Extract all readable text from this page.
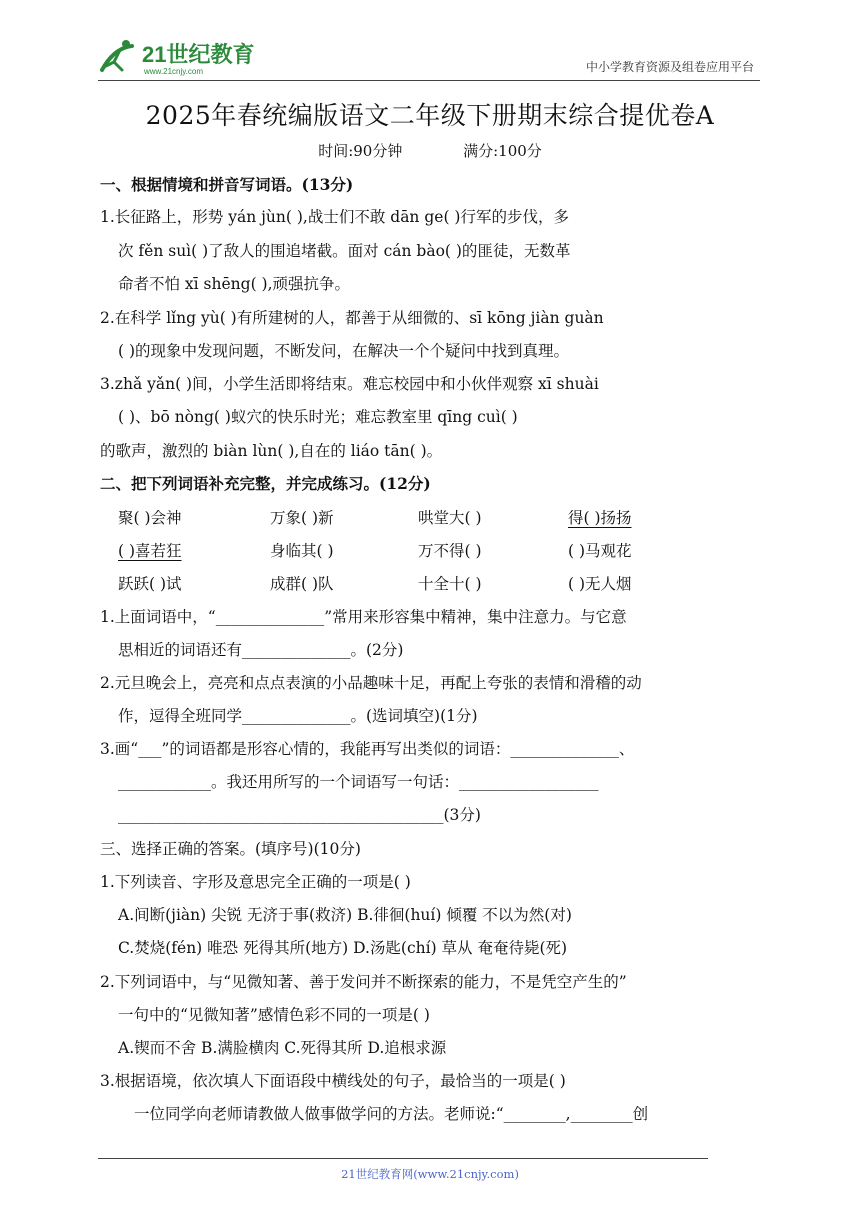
21世纪教育
www.21cnjy.com	中小学教育资源及组卷应用平台
2025年春统编版语文二年级下册期末综合提优卷A
时间:90分钟	满分:100分
一、根据情境和拼音写词语。(13分)
1.长征路上，形势 yán jùn( ),战士们不敢 dān ge( )行军的步伐，多
次 fěn suì( )了敌人的围追堵截。面对 cán bào( )的匪徒，无数革
命者不怕 xī shēng( ),顽强抗争。
2.在科学 lǐng yù( )有所建树的人，都善于从细微的、sī kōng jiàn guàn
( )的现象中发现问题，不断发问，在解决一个个疑问中找到真理。
3.zhǎ yǎn( )间，小学生活即将结束。难忘校园中和小伙伴观察 xī shuài
( )、bō nòng( )蚁穴的快乐时光；难忘教室里 qīng cuì( )
的歌声，激烈的 biàn lùn( ),自在的 liáo tān( )。
二、把下列词语补充完整，并完成练习。(12分)
聚( )会神	万象( )新	哄堂大( )	得( )扬扬
( )喜若狂	身临其( )	万不得( )	( )马观花
跃跃( )试	成群( )队	十全十( )	( )无人烟
1.上面词语中，“______________”常用来形容集中精神，集中注意力。与它意
思相近的词语还有______________。(2分)
2.元旦晚会上，亮亮和点点表演的小品趣味十足，再配上夸张的表情和滑稽的动
作，逗得全班同学______________。(选词填空)(1分)
3.画“___”的词语都是形容心情的，我能再写出类似的词语：______________、
____________。我还用所写的一个词语写一句话：__________________
__________________________________________(3分)
三、选择正确的答案。(填序号)(10分)
1.下列读音、字形及意思完全正确的一项是( )
A.间断(jiàn) 尖锐 无济于事(救济) B.徘徊(huí) 倾覆 不以为然(对)
C.焚烧(fén) 唯恐 死得其所(地方) D.汤匙(chí) 草从 奄奄待毙(死)
2.下列词语中，与“见微知著、善于发问并不断探索的能力，不是凭空产生的”
一句中的“见微知著”感情色彩不同的一项是( )
A.锲而不舍 B.满脸横肉 C.死得其所 D.追根求源
3.根据语境，依次填人下面语段中横线处的句子，最恰当的一项是( )
一位同学向老师请教做人做事做学问的方法。老师说:“________,________创
21世纪教育网(www.21cnjy.com)
